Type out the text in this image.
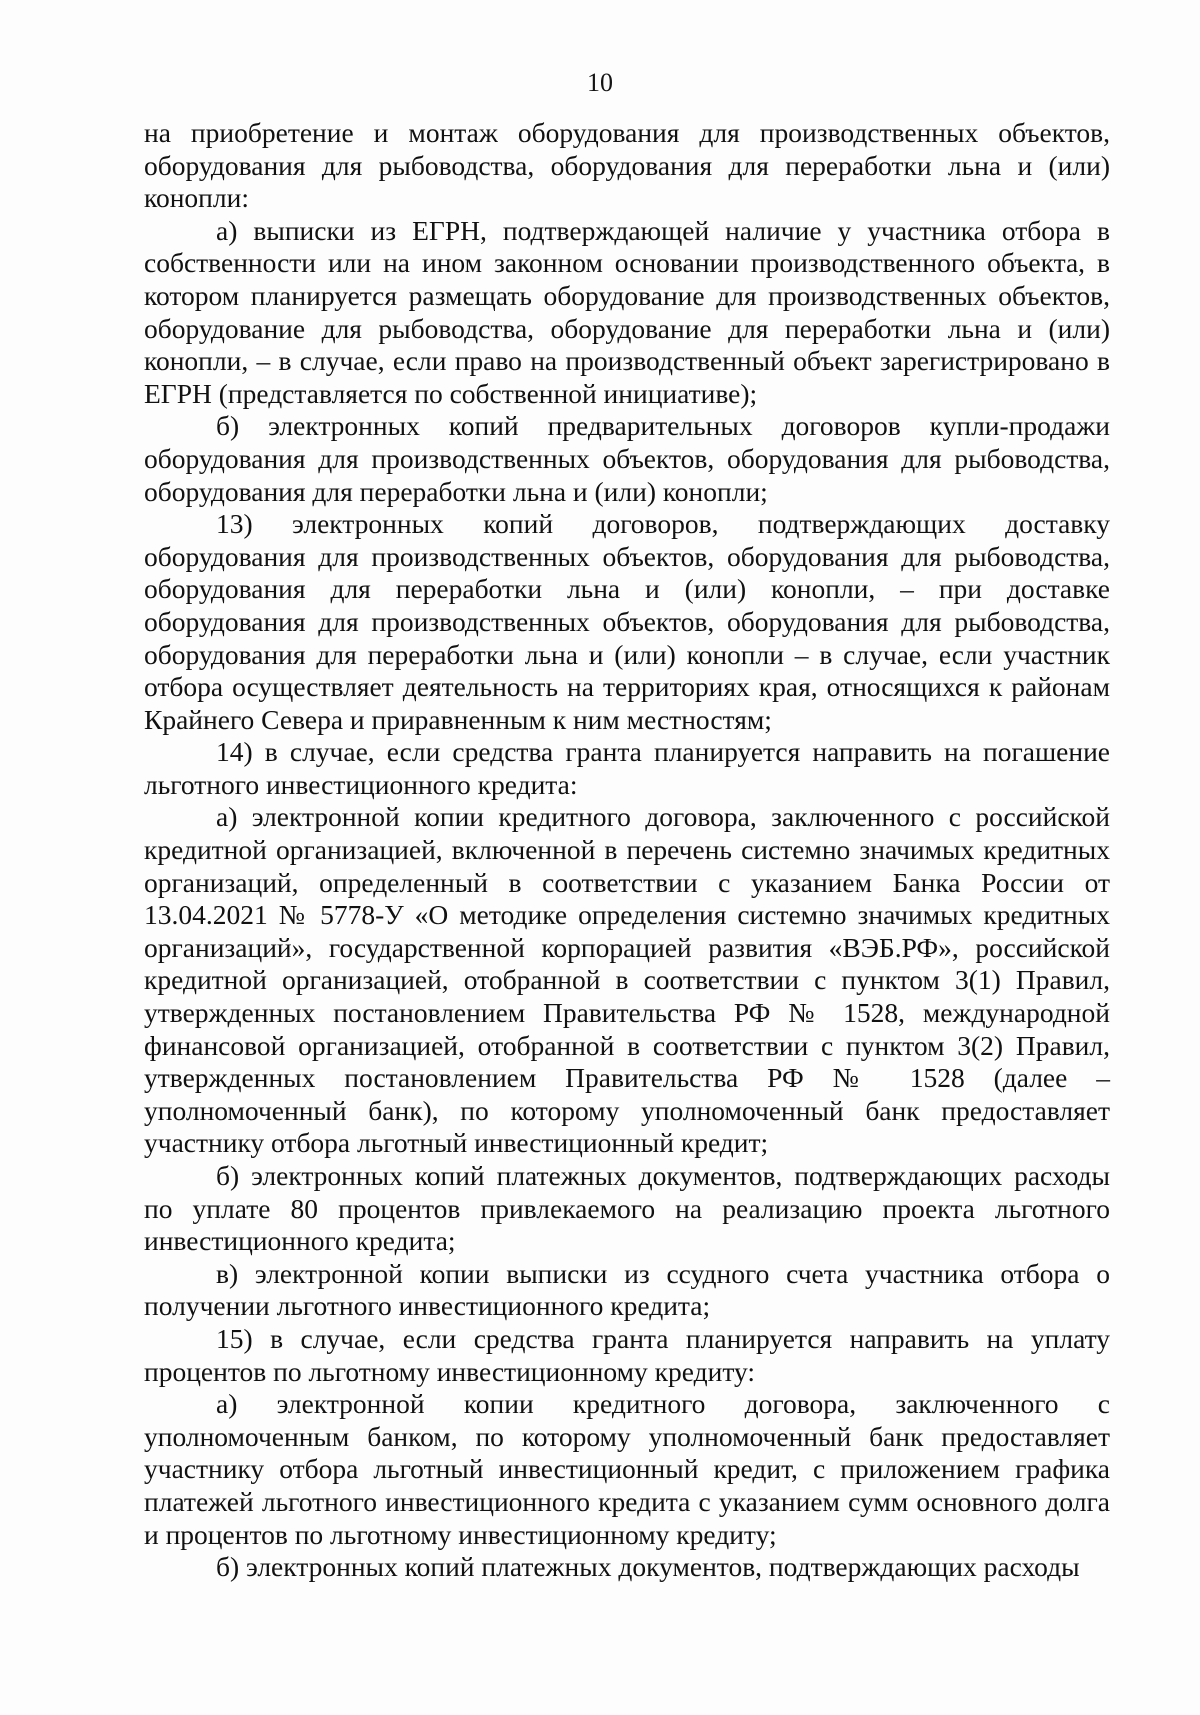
10

на приобретение и монтаж оборудования для производственных объектов, оборудования для рыбоводства, оборудования для переработки льна и (или) конопли:

а) выписки из ЕГРН, подтверждающей наличие у участника отбора в собственности или на ином законном основании производственного объекта, в котором планируется размещать оборудование для производственных объектов, оборудование для рыбоводства, оборудование для переработки льна и (или) конопли, – в случае, если право на производственный объект зарегистрировано в ЕГРН (представляется по собственной инициативе);

б) электронных копий предварительных договоров купли-продажи оборудования для производственных объектов, оборудования для рыбоводства, оборудования для переработки льна и (или) конопли;

13) электронных копий договоров, подтверждающих доставку оборудования для производственных объектов, оборудования для рыбоводства, оборудования для переработки льна и (или) конопли, – при доставке оборудования для производственных объектов, оборудования для рыбоводства, оборудования для переработки льна и (или) конопли – в случае, если участник отбора осуществляет деятельность на территориях края, относящихся к районам Крайнего Севера и приравненным к ним местностям;

14) в случае, если средства гранта планируется направить на погашение льготного инвестиционного кредита:

а) электронной копии кредитного договора, заключенного с российской кредитной организацией, включенной в перечень системно значимых кредитных организаций, определенный в соответствии с указанием Банка России от 13.04.2021 № 5778-У «О методике определения системно значимых кредитных организаций», государственной корпорацией развития «ВЭБ.РФ», российской кредитной организацией, отобранной в соответствии с пунктом 3(1) Правил, утвержденных постановлением Правительства РФ № 1528, международной финансовой организацией, отобранной в соответствии с пунктом 3(2) Правил, утвержденных постановлением Правительства РФ № 1528 (далее – уполномоченный банк), по которому уполномоченный банк предоставляет участнику отбора льготный инвестиционный кредит;

б) электронных копий платежных документов, подтверждающих расходы по уплате 80 процентов привлекаемого на реализацию проекта льготного инвестиционного кредита;

в) электронной копии выписки из ссудного счета участника отбора о получении льготного инвестиционного кредита;

15) в случае, если средства гранта планируется направить на уплату процентов по льготному инвестиционному кредиту:

а) электронной копии кредитного договора, заключенного с уполномоченным банком, по которому уполномоченный банк предоставляет участнику отбора льготный инвестиционный кредит, с приложением графика платежей льготного инвестиционного кредита с указанием сумм основного долга и процентов по льготному инвестиционному кредиту;

б) электронных копий платежных документов, подтверждающих расходы
